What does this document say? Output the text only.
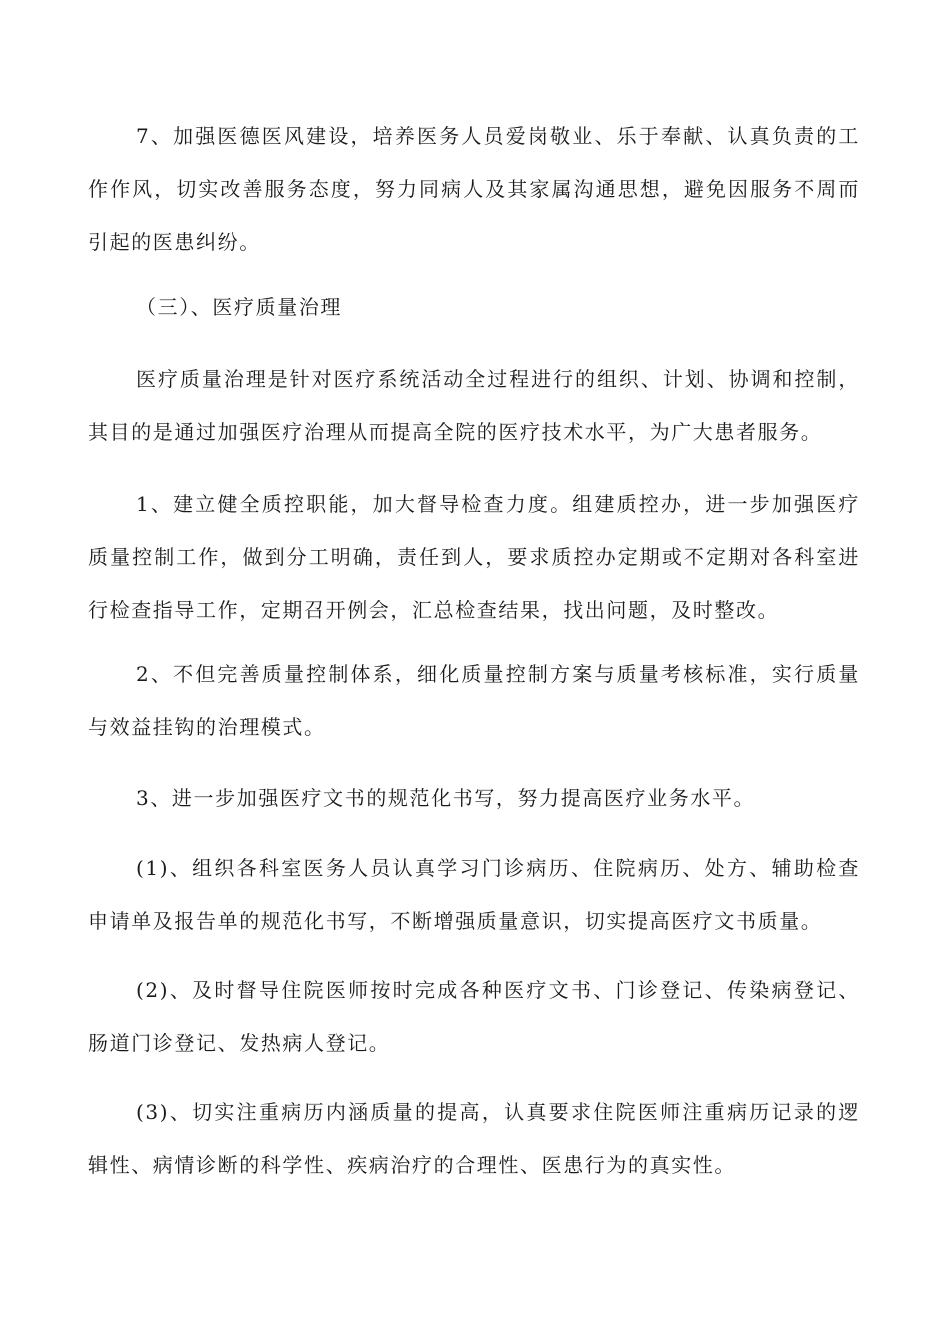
7、加强医德医风建设，培养医务人员爱岗敬业、乐于奉献、认真负责的工作作风，切实改善服务态度，努力同病人及其家属沟通思想，避免因服务不周而引起的医患纠纷。

（三）、医疗质量治理

医疗质量治理是针对医疗系统活动全过程进行的组织、计划、协调和控制，其目的是通过加强医疗治理从而提高全院的医疗技术水平，为广大患者服务。

1、建立健全质控职能，加大督导检查力度。组建质控办，进一步加强医疗质量控制工作，做到分工明确，责任到人，要求质控办定期或不定期对各科室进行检查指导工作，定期召开例会，汇总检查结果，找出问题，及时整改。

2、不但完善质量控制体系，细化质量控制方案与质量考核标准，实行质量与效益挂钩的治理模式。

3、进一步加强医疗文书的规范化书写，努力提高医疗业务水平。

(1)、组织各科室医务人员认真学习门诊病历、住院病历、处方、辅助检查申请单及报告单的规范化书写，不断增强质量意识，切实提高医疗文书质量。

(2)、及时督导住院医师按时完成各种医疗文书、门诊登记、传染病登记、肠道门诊登记、发热病人登记。

(3)、切实注重病历内涵质量的提高，认真要求住院医师注重病历记录的逻辑性、病情诊断的科学性、疾病治疗的合理性、医患行为的真实性。
